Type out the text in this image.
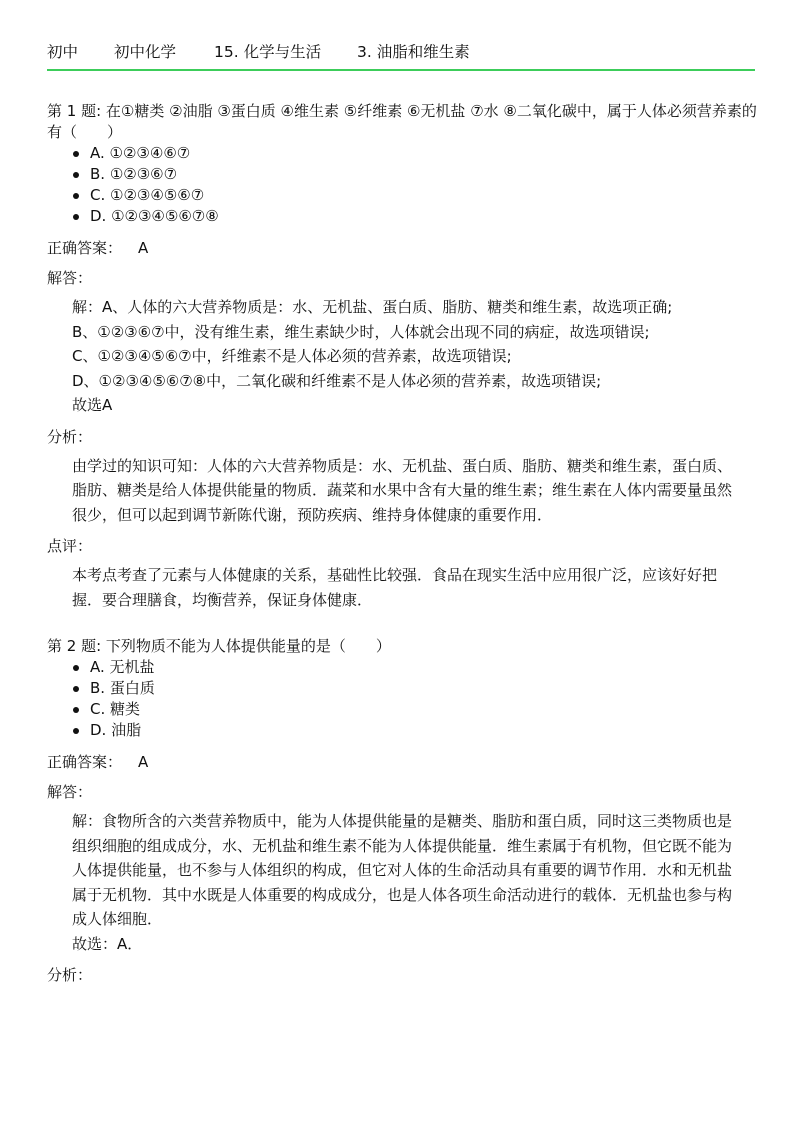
初中	初中化学	15. 化学与生活	3. 油脂和维生素

第 1 题: 在①糖类 ②油脂 ③蛋白质 ④维生素 ⑤纤维素 ⑥无机盐 ⑦水 ⑧二氧化碳中，属于人体必须营养素的有（　　）

A. ①②③④⑥⑦
B. ①②③⑥⑦
C. ①②③④⑤⑥⑦
D. ①②③④⑤⑥⑦⑧
正确答案： A
解答：

解：A、人体的六大营养物质是：水、无机盐、蛋白质、脂肪、糖类和维生素，故选项正确;

B、①②③⑥⑦中，没有维生素，维生素缺少时，人体就会出现不同的病症，故选项错误;

C、①②③④⑤⑥⑦中，纤维素不是人体必须的营养素，故选项错误;

D、①②③④⑤⑥⑦⑧中，二氧化碳和纤维素不是人体必须的营养素，故选项错误;

故选A

分析：

由学过的知识可知：人体的六大营养物质是：水、无机盐、蛋白质、脂肪、糖类和维生素，蛋白质、脂肪、糖类是给人体提供能量的物质．蔬菜和水果中含有大量的维生素；维生素在人体内需要量虽然很少，但可以起到调节新陈代谢，预防疾病、维持身体健康的重要作用．

点评：

本考点考查了元素与人体健康的关系，基础性比较强．食品在现实生活中应用很广泛，应该好好把握．要合理膳食，均衡营养，保证身体健康．

第 2 题: 下列物质不能为人体提供能量的是（　　）

A. 无机盐
B. 蛋白质
C. 糖类
D. 油脂
正确答案： A
解答：

解：食物所含的六类营养物质中，能为人体提供能量的是糖类、脂肪和蛋白质，同时这三类物质也是组织细胞的组成成分，水、无机盐和维生素不能为人体提供能量．维生素属于有机物，但它既不能为人体提供能量，也不参与人体组织的构成，但它对人体的生命活动具有重要的调节作用．水和无机盐属于无机物．其中水既是人体重要的构成成分，也是人体各项生命活动进行的载体．无机盐也参与构成人体细胞．

故选：A．

分析：
